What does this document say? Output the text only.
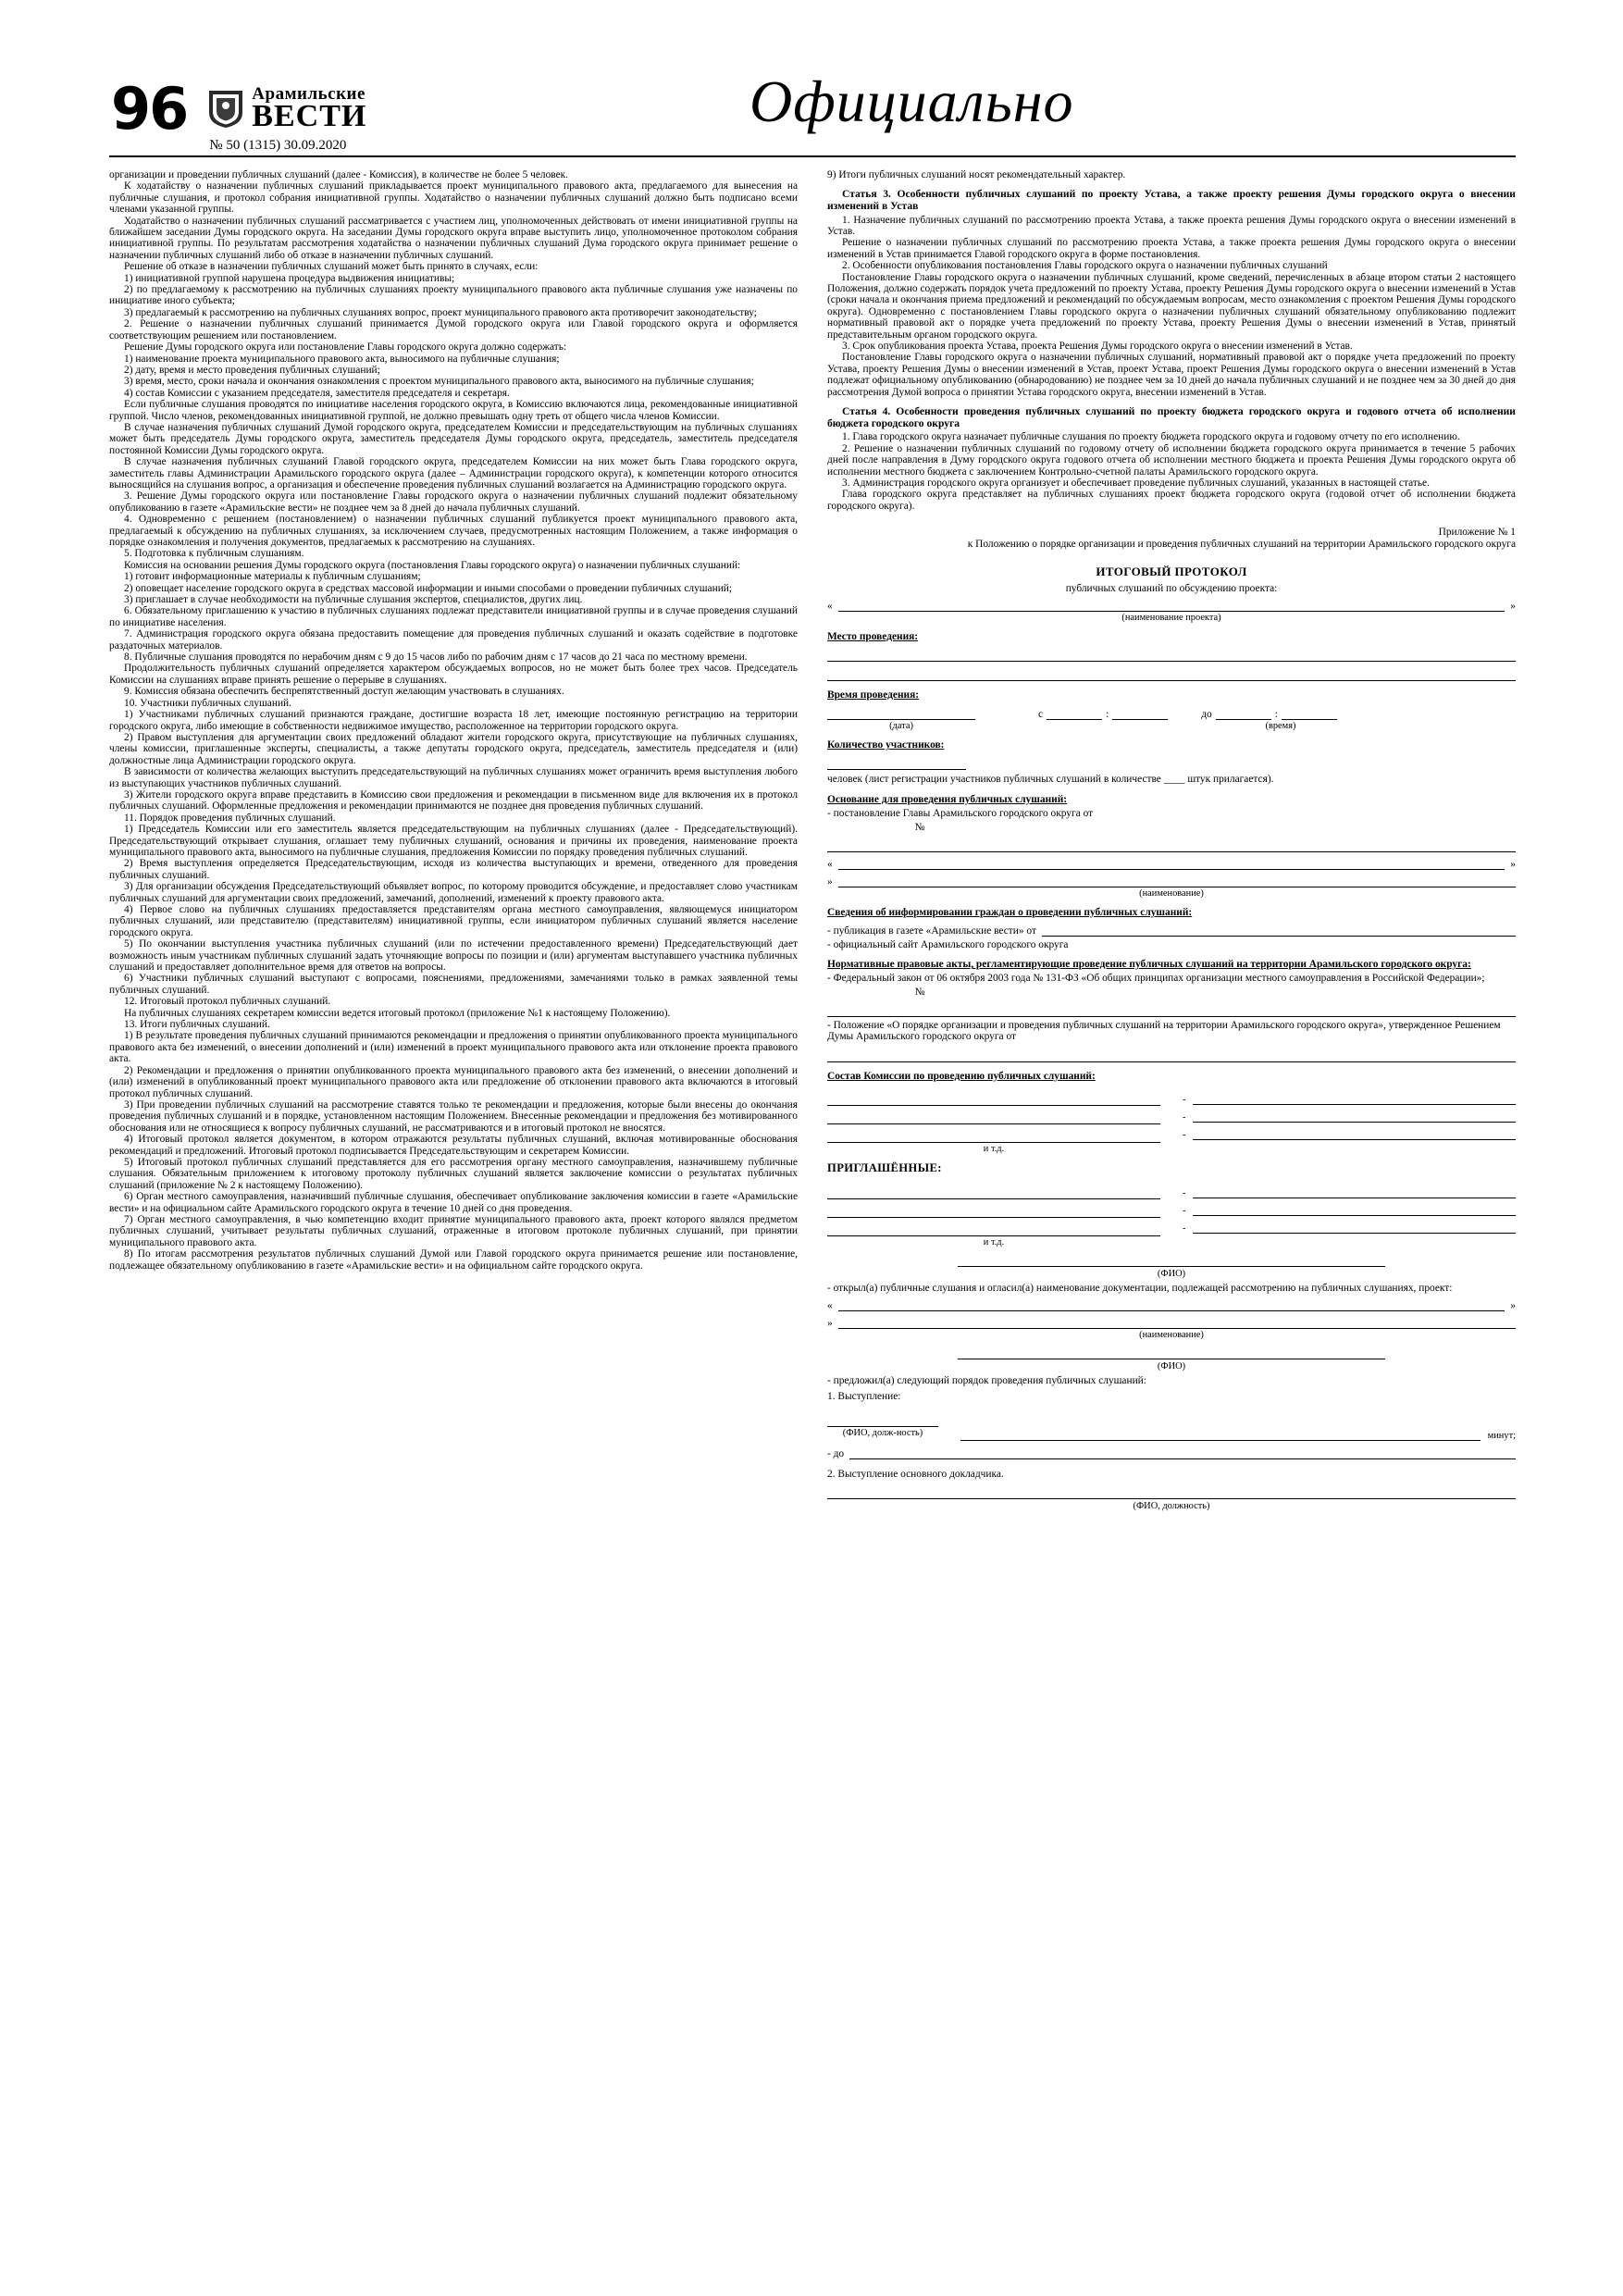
96	Арамильские
ВЕСТИ
№ 50 (1315) 30.09.2020
Официально

организации и проведении публичных слушаний (далее - Комиссия), в количестве не более 5 человек.

К ходатайству о назначении публичных слушаний прикладывается проект муниципального правового акта, предлагаемого для вынесения на публичные слушания, и протокол собрания инициативной группы. Ходатайство о назначении публичных слушаний должно быть подписано всеми членами указанной группы.

Ходатайство о назначении публичных слушаний рассматривается с участием лиц, уполномоченных действовать от имени инициативной группы на ближайшем заседании Думы городского округа. На заседании Думы городского округа вправе выступить лицо, уполномоченное протоколом собрания инициативной группы. По результатам рассмотрения ходатайства о назначении публичных слушаний Дума городского округа принимает решение о назначении публичных слушаний либо об отказе в назначении публичных слушаний.

Решение об отказе в назначении публичных слушаний может быть принято в случаях, если:

1) инициативной группой нарушена процедура выдвижения инициативы;

2) по предлагаемому к рассмотрению на публичных слушаниях проекту муниципального правового акта публичные слушания уже назначены по инициативе иного субъекта;

3) предлагаемый к рассмотрению на публичных слушаниях вопрос, проект муниципального правового акта противоречит законодательству;

2. Решение о назначении публичных слушаний принимается Думой городского округа или Главой городского округа и оформляется соответствующим решением или постановлением.

Решение Думы городского округа или постановление Главы городского округа должно содержать:

1) наименование проекта муниципального правового акта, выносимого на публичные слушания;

2) дату, время и место проведения публичных слушаний;

3) время, место, сроки начала и окончания ознакомления с проектом муниципального правового акта, выносимого на публичные слушания;

4) состав Комиссии с указанием председателя, заместителя председателя и секретаря.

Если публичные слушания проводятся по инициативе населения городского округа, в Комиссию включаются лица, рекомендованные инициативной группой. Число членов, рекомендованных инициативной группой, не должно превышать одну треть от общего числа членов Комиссии.

В случае назначения публичных слушаний Думой городского округа, председателем Комиссии и председательствующим на публичных слушаниях может быть председатель Думы городского округа, заместитель председателя Думы городского округа, председатель, заместитель председателя постоянной Комиссии Думы городского округа.

В случае назначения публичных слушаний Главой городского округа, председателем Комиссии на них может быть Глава городского округа, заместитель главы Администрации Арамильского городского округа (далее – Администрации городского округа), к компетенции которого относится выносящийся на слушания вопрос, а организация и обеспечение проведения публичных слушаний возлагается на Администрацию городского округа.

3. Решение Думы городского округа или постановление Главы городского округа о назначении публичных слушаний подлежит обязательному опубликованию в газете «Арамильские вести» не позднее чем за 8 дней до начала публичных слушаний.

4. Одновременно с решением (постановлением) о назначении публичных слушаний публикуется проект муниципального правового акта, предлагаемый к обсуждению на публичных слушаниях, за исключением случаев, предусмотренных настоящим Положением, а также информация о порядке ознакомления и получения документов, предлагаемых к рассмотрению на слушаниях.

5. Подготовка к публичным слушаниям.

Комиссия на основании решения Думы городского округа (постановления Главы городского округа) о назначении публичных слушаний:

1) готовит информационные материалы к публичным слушаниям;

2) оповещает население городского округа в средствах массовой информации и иными способами о проведении публичных слушаний;

3) приглашает в случае необходимости на публичные слушания экспертов, специалистов, других лиц.

6. Обязательному приглашению к участию в публичных слушаниях подлежат представители инициативной группы и в случае проведения слушаний по инициативе населения.

7. Администрация городского округа обязана предоставить помещение для проведения публичных слушаний и оказать содействие в подготовке раздаточных материалов.

8. Публичные слушания проводятся по нерабочим дням с 9 до 15 часов либо по рабочим дням с 17 часов до 21 часа по местному времени.

Продолжительность публичных слушаний определяется характером обсуждаемых вопросов, но не может быть более трех часов. Председатель Комиссии на слушаниях вправе принять решение о перерыве в слушаниях.

9. Комиссия обязана обеспечить беспрепятственный доступ желающим участвовать в слушаниях.

10. Участники публичных слушаний.

1) Участниками публичных слушаний признаются граждане, достигшие возраста 18 лет, имеющие постоянную регистрацию на территории городского округа, либо имеющие в собственности недвижимое имущество, расположенное на территории городского округа.

2) Правом выступления для аргументации своих предложений обладают жители городского округа, присутствующие на публичных слушаниях, члены комиссии, приглашенные эксперты, специалисты, а также депутаты городского округа, председатель, заместитель председателя и (или) должностные лица Администрации городского округа.

В зависимости от количества желающих выступить председательствующий на публичных слушаниях может ограничить время выступления любого из выступающих участников публичных слушаний.

3) Жители городского округа вправе представить в Комиссию свои предложения и рекомендации в письменном виде для включения их в протокол публичных слушаний. Оформленные предложения и рекомендации принимаются не позднее дня проведения публичных слушаний.

11. Порядок проведения публичных слушаний.

1) Председатель Комиссии или его заместитель является председательствующим на публичных слушаниях (далее - Председательствующий). Председательствующий открывает слушания, оглашает тему публичных слушаний, основания и причины их проведения, наименование проекта муниципального правового акта, выносимого на публичные слушания, предложения Комиссии по порядку проведения публичных слушаний.

2) Время выступления определяется Председательствующим, исходя из количества выступающих и времени, отведенного для проведения публичных слушаний.

3) Для организации обсуждения Председательствующий объявляет вопрос, по которому проводится обсуждение, и предоставляет слово участникам публичных слушаний для аргументации своих предложений, замечаний, дополнений, изменений к проекту правового акта.

4) Первое слово на публичных слушаниях предоставляется представителям органа местного самоуправления, являющемуся инициатором публичных слушаний, или представителю (представителям) инициативной группы, если инициатором публичных слушаний является население городского округа.

5) По окончании выступления участника публичных слушаний (или по истечении предоставленного времени) Председательствующий дает возможность иным участникам публичных слушаний задать уточняющие вопросы по позиции и (или) аргументам выступавшего участника публичных слушаний и предоставляет дополнительное время для ответов на вопросы.

6) Участники публичных слушаний выступают с вопросами, пояснениями, предложениями, замечаниями только в рамках заявленной темы публичных слушаний.

12. Итоговый протокол публичных слушаний.

На публичных слушаниях секретарем комиссии ведется итоговый протокол (приложение №1 к настоящему Положению).

13. Итоги публичных слушаний.

1) В результате проведения публичных слушаний принимаются рекомендации и предложения о принятии опубликованного проекта муниципального правового акта без изменений, о внесении дополнений и (или) изменений в проект муниципального правового акта или отклонение проекта правового акта.

2) Рекомендации и предложения о принятии опубликованного проекта муниципального правового акта без изменений, о внесении дополнений и (или) изменений в опубликованный проект муниципального правового акта или предложение об отклонении правового акта включаются в итоговый протокол публичных слушаний.

3) При проведении публичных слушаний на рассмотрение ставятся только те рекомендации и предложения, которые были внесены до окончания проведения публичных слушаний и в порядке, установленном настоящим Положением. Внесенные рекомендации и предложения без мотивированного обоснования или не относящиеся к вопросу публичных слушаний, не рассматриваются и в итоговый протокол не вносятся.

4) Итоговый протокол является документом, в котором отражаются результаты публичных слушаний, включая мотивированные обоснования рекомендаций и предложений. Итоговый протокол подписывается Председательствующим и секретарем Комиссии.

5) Итоговый протокол публичных слушаний представляется для его рассмотрения органу местного самоуправления, назначившему публичные слушания. Обязательным приложением к итоговому протоколу публичных слушаний является заключение комиссии о результатах публичных слушаний (приложение № 2 к настоящему Положению).

6) Орган местного самоуправления, назначивший публичные слушания, обеспечивает опубликование заключения комиссии в газете «Арамильские вести» и на официальном сайте Арамильского городского округа в течение 10 дней со дня проведения.

7) Орган местного самоуправления, в чью компетенцию входит принятие муниципального правового акта, проект которого являлся предметом публичных слушаний, учитывает результаты публичных слушаний, отраженные в итоговом протоколе публичных слушаний, при принятии муниципального правового акта.

8) По итогам рассмотрения результатов публичных слушаний Думой или Главой городского округа принимается решение или постановление, подлежащее обязательному опубликованию в газете «Арамильские вести» и на официальном сайте городского округа.

9) Итоги публичных слушаний носят рекомендательный характер.

Статья 3. Особенности публичных слушаний по проекту Устава, а также проекту решения Думы городского округа о внесении изменений в Устав

1. Назначение публичных слушаний по рассмотрению проекта Устава, а также проекта решения Думы городского округа о внесении изменений в Устав.

Решение о назначении публичных слушаний по рассмотрению проекта Устава, а также проекта решения Думы городского округа о внесении изменений в Устав принимается Главой городского округа в форме постановления.

2. Особенности опубликования постановления Главы городского округа о назначении публичных слушаний

Постановление Главы городского округа о назначении публичных слушаний, кроме сведений, перечисленных в абзаце втором статьи 2 настоящего Положения, должно содержать порядок учета предложений по проекту Устава, проекту Решения Думы городского округа о внесении изменений в Устав (сроки начала и окончания приема предложений и рекомендаций по обсуждаемым вопросам, место ознакомления с проектом Решения Думы городского округа). Одновременно с постановлением Главы городского округа о назначении публичных слушаний обязательному опубликованию подлежит нормативный правовой акт о порядке учета предложений по проекту Устава, проекту Решения Думы о внесении изменений в Устав, принятый представительным органом городского округа.

3. Срок опубликования проекта Устава, проекта Решения Думы городского округа о внесении изменений в Устав.

Постановление Главы городского округа о назначении публичных слушаний, нормативный правовой акт о порядке учета предложений по проекту Устава, проекту Решения Думы о внесении изменений в Устав, проект Устава, проект Решения Думы городского округа о внесении изменений в Устав подлежат официальному опубликованию (обнародованию) не позднее чем за 10 дней до начала публичных слушаний и не позднее чем за 30 дней до дня рассмотрения Думой вопроса о принятии Устава городского округа, внесении изменений в Устав.

Статья 4. Особенности проведения публичных слушаний по проекту бюджета городского округа и годового отчета об исполнении бюджета городского округа

1. Глава городского округа назначает публичные слушания по проекту бюджета городского округа и годовому отчету по его исполнению.

2. Решение о назначении публичных слушаний по годовому отчету об исполнении бюджета городского округа принимается в течение 5 рабочих дней после направления в Думу городского округа годового отчета об исполнении местного бюджета и проекта Решения Думы городского округа об исполнении местного бюджета с заключением Контрольно-счетной палаты Арамильского городского округа.

3. Администрация городского округа организует и обеспечивает проведение публичных слушаний, указанных в настоящей статье.

Глава городского округа представляет на публичных слушаниях проект бюджета городского округа (годовой отчет об исполнении бюджета городского округа).

Приложение № 1
к Положению о порядке организации и проведения публичных слушаний на территории Арамильского городского округа
ИТОГОВЫЙ ПРОТОКОЛ
публичных слушаний по обсуждению проекта:
«	»
(наименование проекта)
Место проведения:
Время проведения:
с	:	до	:
(дата)	(время)
Количество участников:
человек (лист регистрации участников публичных слушаний в количестве ____ штук прилагается).
Основание для проведения публичных слушаний:
- постановление Главы Арамильского городского округа от
№
«	»
»
(наименование)
Сведения об информировании граждан о проведении публичных слушаний:
- публикация в газете «Арамильские вести» от
- официальный сайт Арамильского городского округа
Нормативные правовые акты, регламентирующие проведение публичных слушаний на территории Арамильского городского округа:
- Федеральный закон от 06 октября 2003 года № 131-ФЗ «Об общих принципах организации местного самоуправления в Российской Федерации»;
№
- Положение «О порядке организации и проведения публичных слушаний на территории Арамильского городского округа», утвержденное Решением Думы Арамильского городского округа от
Состав Комиссии по проведению публичных слушаний:
и т.д.
-
-
-
ПРИГЛАШЁННЫЕ:
и т.д.
-
-
-
(ФИО)
- открыл(а) публичные слушания и огласил(а) наименование документации, подлежащей рассмотрению на публичных слушаниях, проект:
«	»
»
(наименование)
(ФИО)
- предложил(а) следующий порядок проведения публичных слушаний:
1. Выступление:
(ФИО, долж-ность)	минут;
- до
2. Выступление основного докладчика.
(ФИО, должность)
